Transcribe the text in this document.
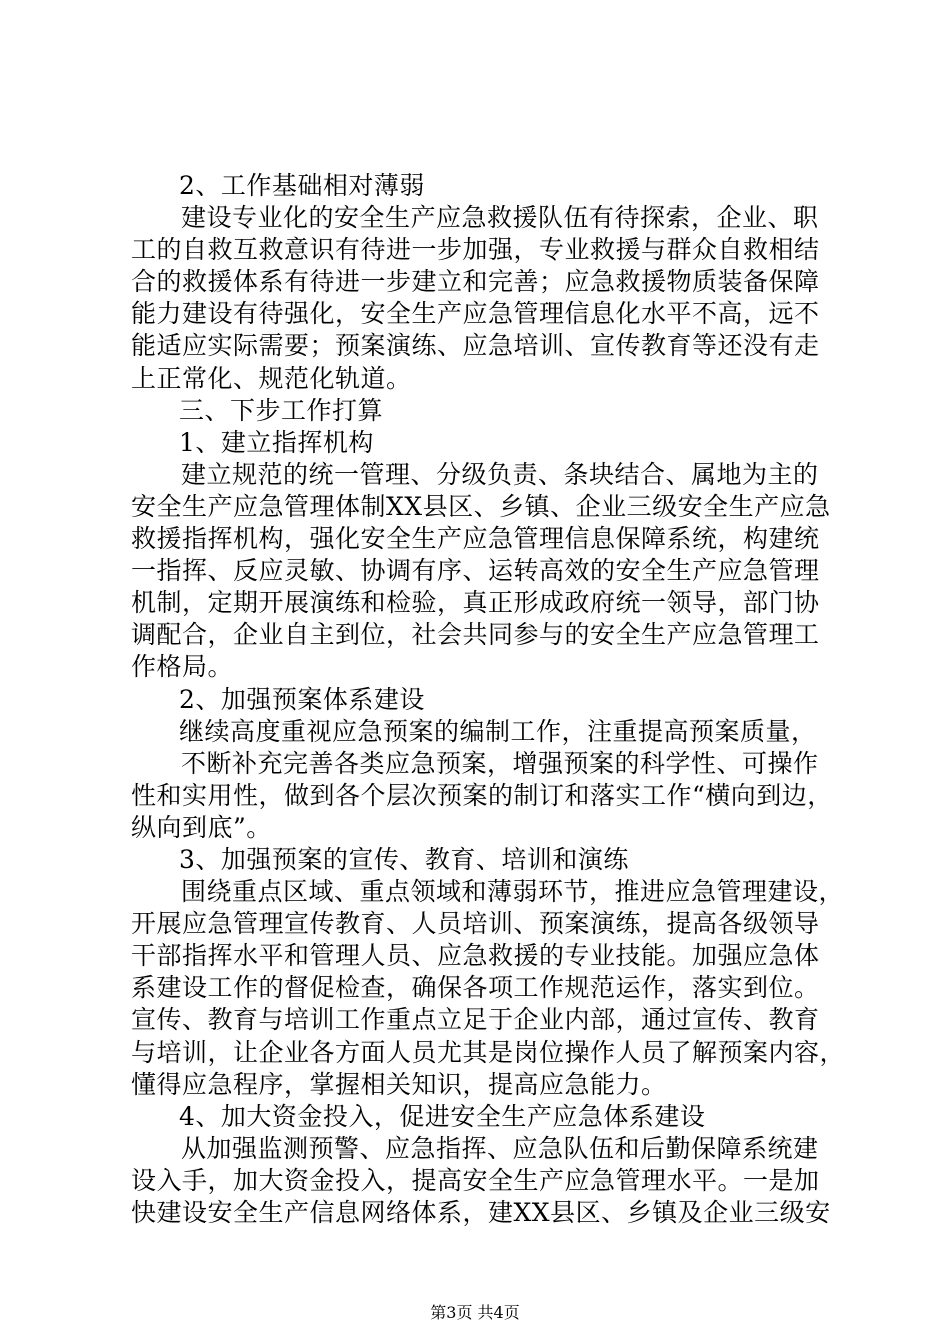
2、工作基础相对薄弱
建设专业化的安全生产应急救援队伍有待探索，企业、职
工的自救互救意识有待进一步加强，专业救援与群众自救相结
合的救援体系有待进一步建立和完善；应急救援物质装备保障
能力建设有待强化，安全生产应急管理信息化水平不高，远不
能适应实际需要；预案演练、应急培训、宣传教育等还没有走
上正常化、规范化轨道。
三、下步工作打算
1、建立指挥机构
建立规范的统一管理、分级负责、条块结合、属地为主的
安全生产应急管理体制XX县区、乡镇、企业三级安全生产应急
救援指挥机构，强化安全生产应急管理信息保障系统，构建统
一指挥、反应灵敏、协调有序、运转高效的安全生产应急管理
机制，定期开展演练和检验，真正形成政府统一领导，部门协
调配合，企业自主到位，社会共同参与的安全生产应急管理工
作格局。
2、加强预案体系建设
继续高度重视应急预案的编制工作，注重提高预案质量，
不断补充完善各类应急预案，增强预案的科学性、可操作
性和实用性，做到各个层次预案的制订和落实工作“横向到边，
纵向到底”。
3、加强预案的宣传、教育、培训和演练
围绕重点区域、重点领域和薄弱环节，推进应急管理建设，
开展应急管理宣传教育、人员培训、预案演练，提高各级领导
干部指挥水平和管理人员、应急救援的专业技能。加强应急体
系建设工作的督促检查，确保各项工作规范运作，落实到位。
宣传、教育与培训工作重点立足于企业内部，通过宣传、教育
与培训，让企业各方面人员尤其是岗位操作人员了解预案内容，
懂得应急程序，掌握相关知识，提高应急能力。
4、加大资金投入，促进安全生产应急体系建设
从加强监测预警、应急指挥、应急队伍和后勤保障系统建
设入手，加大资金投入，提高安全生产应急管理水平。一是加
快建设安全生产信息网络体系，建XX县区、乡镇及企业三级安
第3页 共4页
